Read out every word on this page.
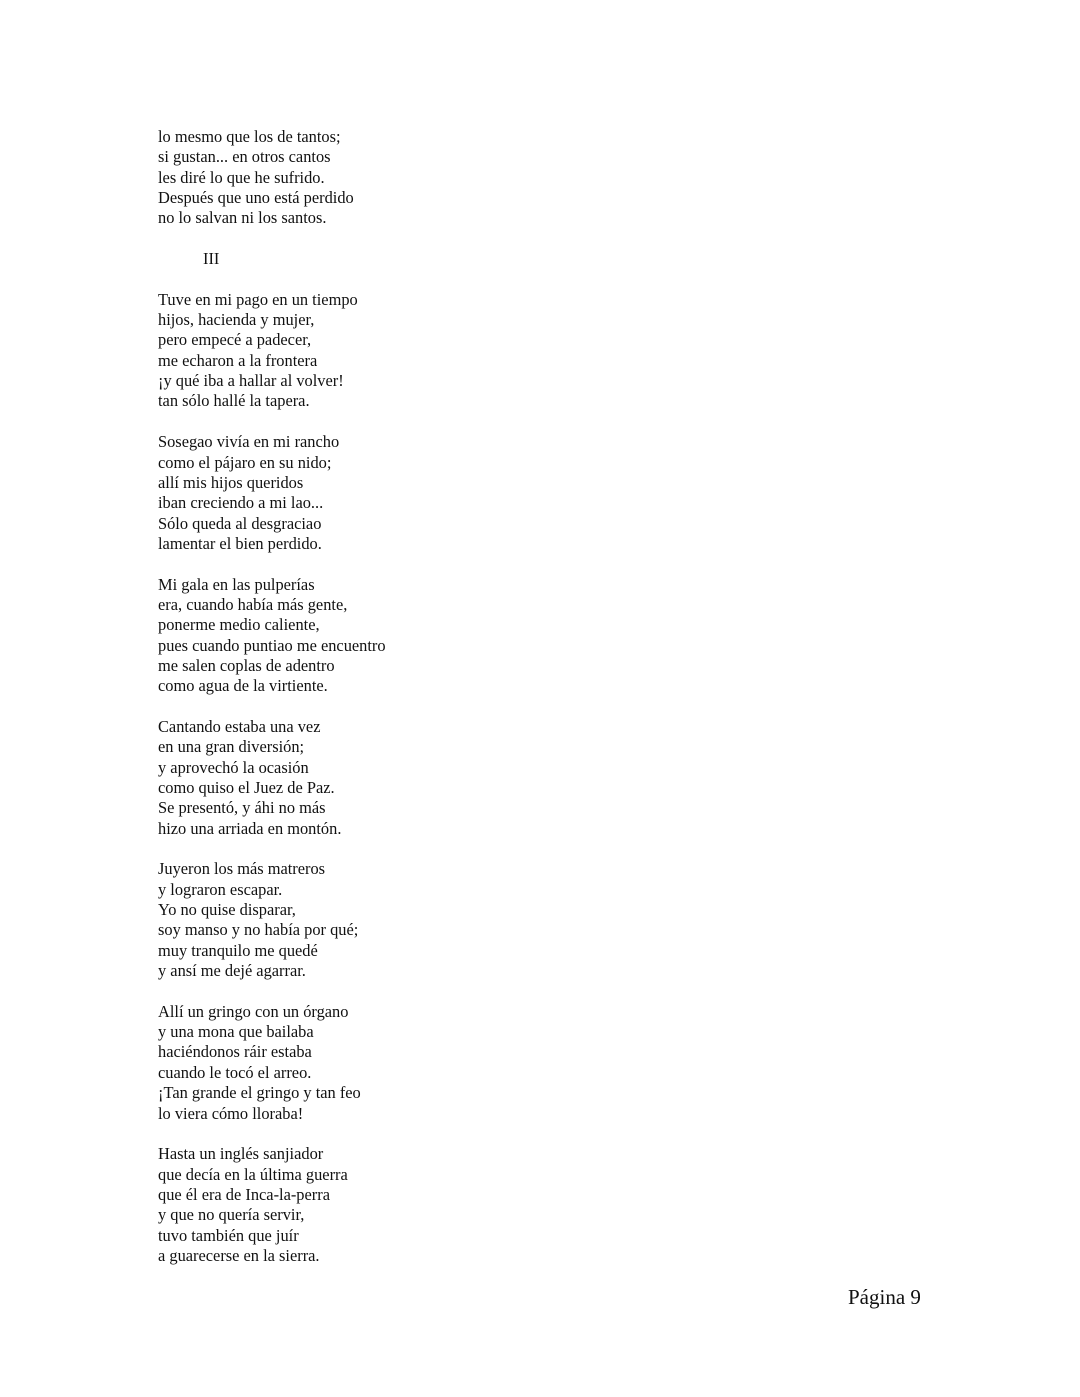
lo mesmo que los de tantos;
si gustan... en otros cantos
les diré lo que he sufrido.
Después que uno está perdido
no lo salvan ni los santos.
III
Tuve en mi pago en un tiempo
hijos, hacienda y mujer,
pero empecé a padecer,
me echaron a la frontera
¡y qué iba a hallar al volver!
tan sólo hallé la tapera.
Sosegao vivía en mi rancho
como el pájaro en su nido;
allí mis hijos queridos
iban creciendo a mi lao...
Sólo queda al desgraciao
lamentar el bien perdido.
Mi gala en las pulperías
era, cuando había más gente,
ponerme medio caliente,
pues cuando puntiao me encuentro
me salen coplas de adentro
como agua de la virtiente.
Cantando estaba una vez
en una gran diversión;
y aprovechó la ocasión
como quiso el Juez de Paz.
Se presentó, y áhi no más
hizo una arriada en montón.
Juyeron los más matreros
y lograron escapar.
Yo no quise disparar,
soy manso y no había por qué;
muy tranquilo me quedé
y ansí me dejé agarrar.
Allí un gringo con un órgano
y una mona que bailaba
haciéndonos ráir estaba
cuando le tocó el arreo.
¡Tan grande el gringo y tan feo
lo viera cómo lloraba!
Hasta un inglés sanjiador
que decía en la última guerra
que él era de Inca-la-perra
y que no quería servir,
tuvo también que juír
a guarecerse en la sierra.
Página 9
